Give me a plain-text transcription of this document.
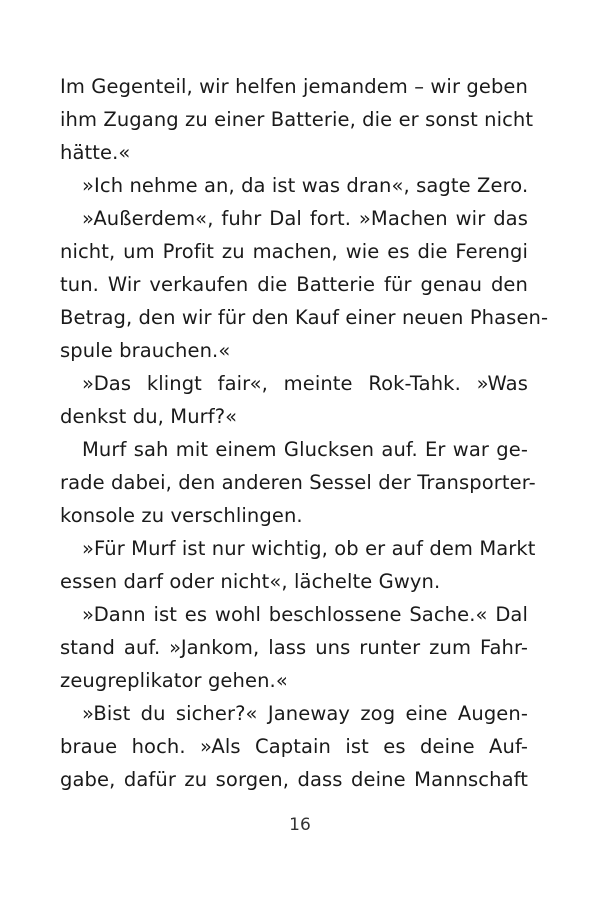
Im Gegenteil, wir helfen jemandem – wir geben
ihm Zugang zu einer Batterie, die er sonst nicht
hätte.«
»Ich nehme an, da ist was dran«, sagte Zero.
»Außerdem«, fuhr Dal fort. »Machen wir das
nicht, um Profit zu machen, wie es die Ferengi
tun. Wir verkaufen die Batterie für genau den
Betrag, den wir für den Kauf einer neuen Phasen-
spule brauchen.«
»Das klingt fair«, meinte Rok-Tahk. »Was
denkst du, Murf?«
Murf sah mit einem Glucksen auf. Er war ge-
rade dabei, den anderen Sessel der Transporter-
konsole zu verschlingen.
»Für Murf ist nur wichtig, ob er auf dem Markt
essen darf oder nicht«, lächelte Gwyn.
»Dann ist es wohl beschlossene Sache.« Dal
stand auf. »Jankom, lass uns runter zum Fahr-
zeugreplikator gehen.«
»Bist du sicher?« Janeway zog eine Augen-
braue hoch. »Als Captain ist es deine Auf-
gabe, dafür zu sorgen, dass deine Mannschaft
16
